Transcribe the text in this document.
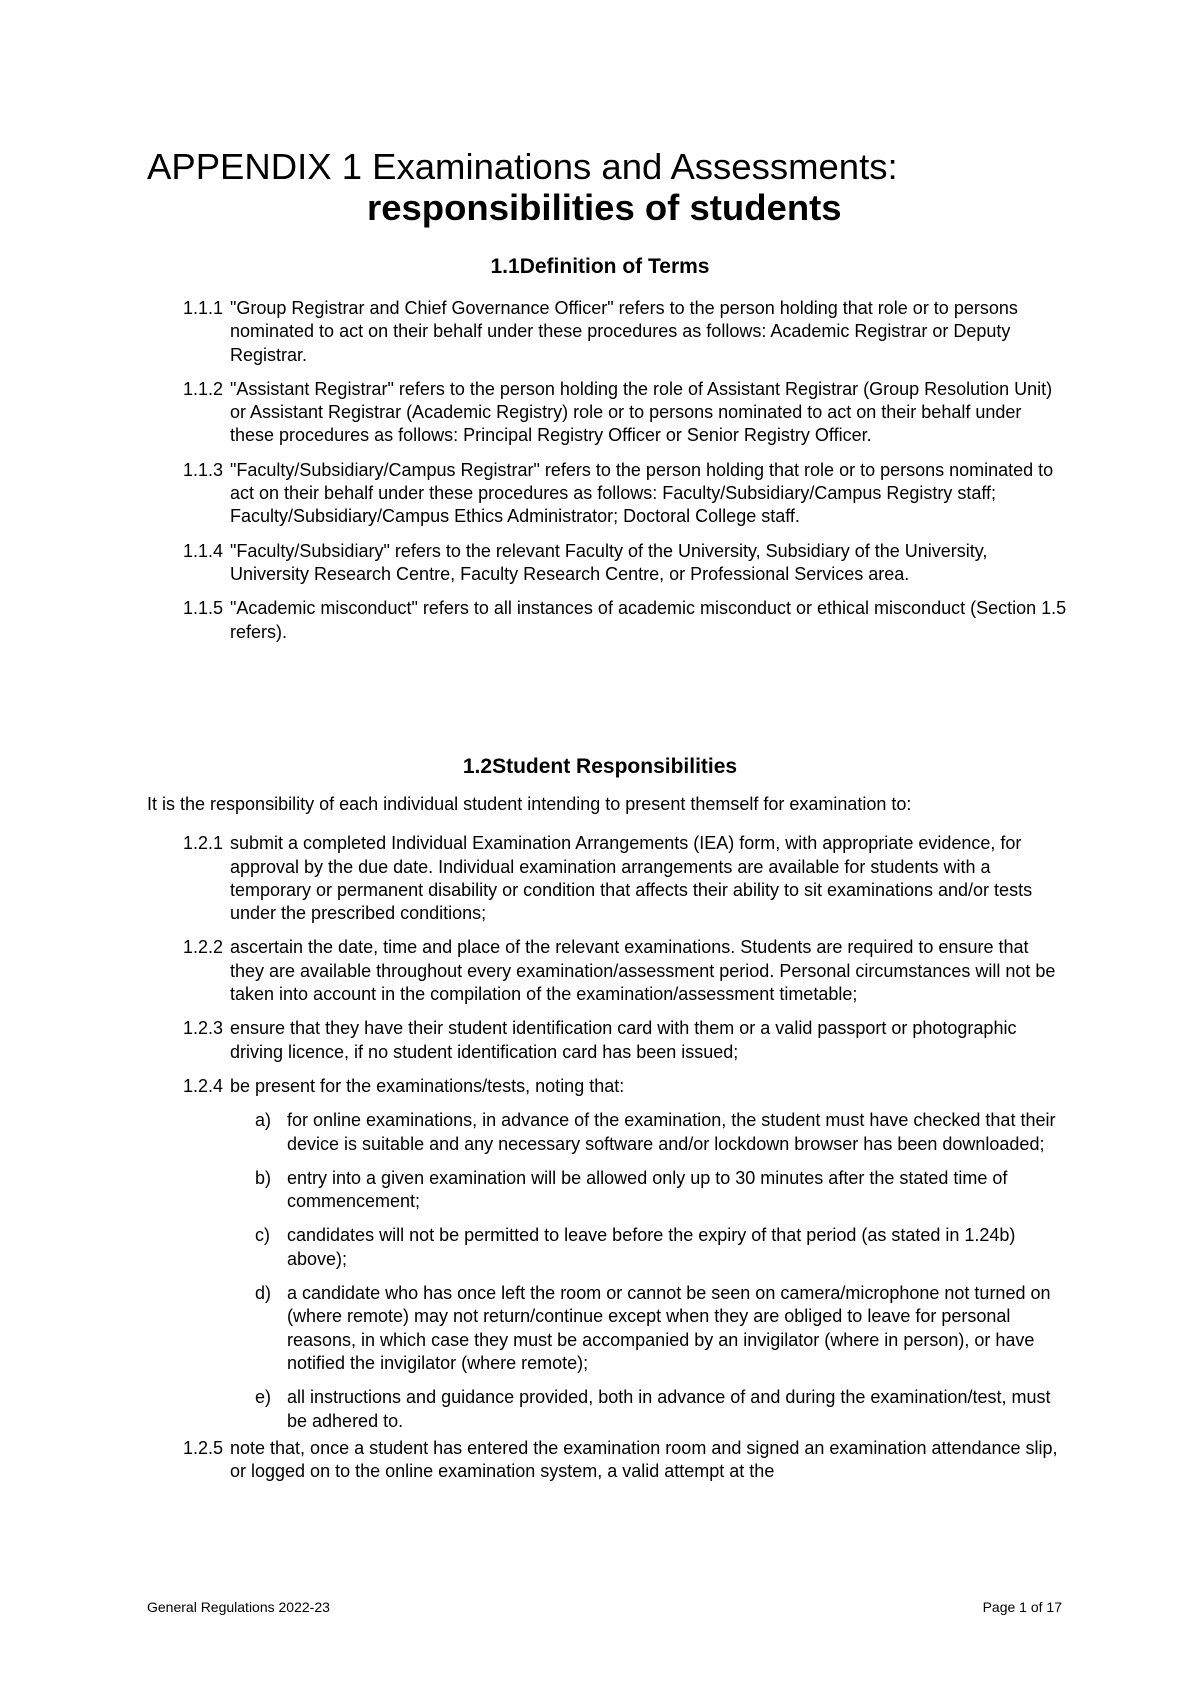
APPENDIX 1 Examinations and Assessments:
responsibilities of students
1.1Definition of Terms
1.1.1 "Group Registrar and Chief Governance Officer" refers to the person holding that role or to persons nominated to act on their behalf under these procedures as follows: Academic Registrar or Deputy Registrar.
1.1.2 "Assistant Registrar" refers to the person holding the role of Assistant Registrar (Group Resolution Unit) or Assistant Registrar (Academic Registry) role or to persons nominated to act on their behalf under these procedures as follows: Principal Registry Officer or Senior Registry Officer.
1.1.3 "Faculty/Subsidiary/Campus Registrar" refers to the person holding that role or to persons nominated to act on their behalf under these procedures as follows: Faculty/Subsidiary/Campus Registry staff; Faculty/Subsidiary/Campus Ethics Administrator; Doctoral College staff.
1.1.4 "Faculty/Subsidiary" refers to the relevant Faculty of the University, Subsidiary of the University, University Research Centre, Faculty Research Centre, or Professional Services area.
1.1.5 "Academic misconduct" refers to all instances of academic misconduct or ethical misconduct (Section 1.5 refers).
1.2Student Responsibilities

It is the responsibility of each individual student intending to present themself for examination to:

1.2.1 submit a completed Individual Examination Arrangements (IEA) form, with appropriate evidence, for approval by the due date. Individual examination arrangements are available for students with a temporary or permanent disability or condition that affects their ability to sit examinations and/or tests under the prescribed conditions;
1.2.2 ascertain the date, time and place of the relevant examinations. Students are required to ensure that they are available throughout every examination/assessment period. Personal circumstances will not be taken into account in the compilation of the examination/assessment timetable;
1.2.3 ensure that they have their student identification card with them or a valid passport or photographic driving licence, if no student identification card has been issued;
1.2.4 be present for the examinations/tests, noting that:
a) for online examinations, in advance of the examination, the student must have checked that their device is suitable and any necessary software and/or lockdown browser has been downloaded;
b) entry into a given examination will be allowed only up to 30 minutes after the stated time of commencement;
c) candidates will not be permitted to leave before the expiry of that period (as stated in 1.24b) above);
d) a candidate who has once left the room or cannot be seen on camera/microphone not turned on (where remote) may not return/continue except when they are obliged to leave for personal reasons, in which case they must be accompanied by an invigilator (where in person), or have notified the invigilator (where remote);
e) all instructions and guidance provided, both in advance of and during the examination/test, must be adhered to.
1.2.5 note that, once a student has entered the examination room and signed an examination attendance slip, or logged on to the online examination system, a valid attempt at the
General Regulations 2022-23	Page 1 of 17
